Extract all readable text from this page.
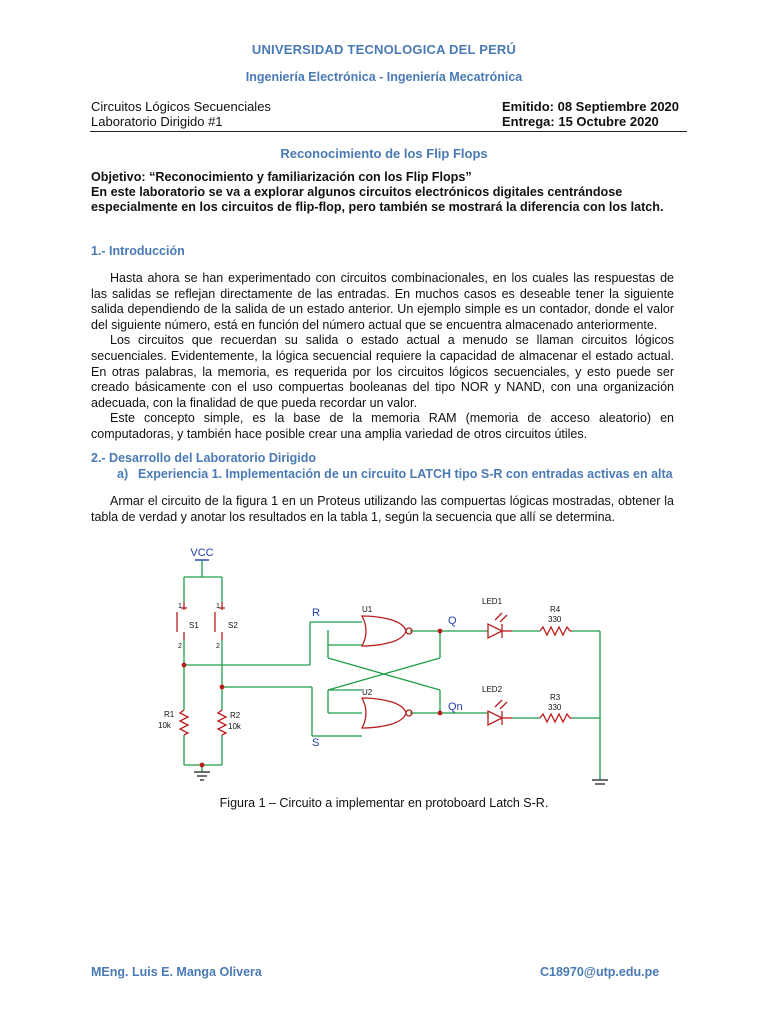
UNIVERSIDAD TECNOLOGICA DEL PERÚ
Ingeniería Electrónica - Ingeniería Mecatrónica
Circuitos Lógicos Secuenciales
Laboratorio Dirigido #1
Emitido: 08 Septiembre 2020
Entrega: 15 Octubre 2020
Reconocimiento de los Flip Flops
Objetivo: “Reconocimiento y familiarización con los Flip Flops”
En este laboratorio se va a explorar algunos circuitos electrónicos digitales centrándose especialmente en los circuitos de flip-flop, pero también se mostrará la diferencia con los latch.
1.- Introducción

Hasta ahora se han experimentado con circuitos combinacionales, en los cuales las respuestas de las salidas se reflejan directamente de las entradas. En muchos casos es deseable tener la siguiente salida dependiendo de la salida de un estado anterior. Un ejemplo simple es un contador, donde el valor del siguiente número, está en función del número actual que se encuentra almacenado anteriormente.

Los circuitos que recuerdan su salida o estado actual a menudo se llaman circuitos lógicos secuenciales. Evidentemente, la lógica secuencial requiere la capacidad de almacenar el estado actual. En otras palabras, la memoria, es requerida por los circuitos lógicos secuenciales, y esto puede ser creado básicamente con el uso compuertas booleanas del tipo NOR y NAND, con una organización adecuada, con la finalidad de que pueda recordar un valor.

Este concepto simple, es la base de la memoria RAM (memoria de acceso aleatorio) en computadoras, y también hace posible crear una amplia variedad de otros circuitos útiles.

2.- Desarrollo del Laboratorio Dirigido
a) Experiencia 1. Implementación de un circuito LATCH tipo S-R con entradas activas en alta

Armar el circuito de la figura 1 en un Proteus utilizando las compuertas lógicas mostradas, obtener la tabla de verdad y anotar los resultados en la tabla 1, según la secuencia que allí se determina.

VCC
S1	S2
1
2
1
2
R1
10k
R2
10k
U1
U2
R
S
Q
Qn
LED1
LED2
R4
330
R3
330
Figura 1 – Circuito a implementar en protoboard Latch S-R.
MEng. Luis E. Manga Olivera	C18970@utp.edu.pe
